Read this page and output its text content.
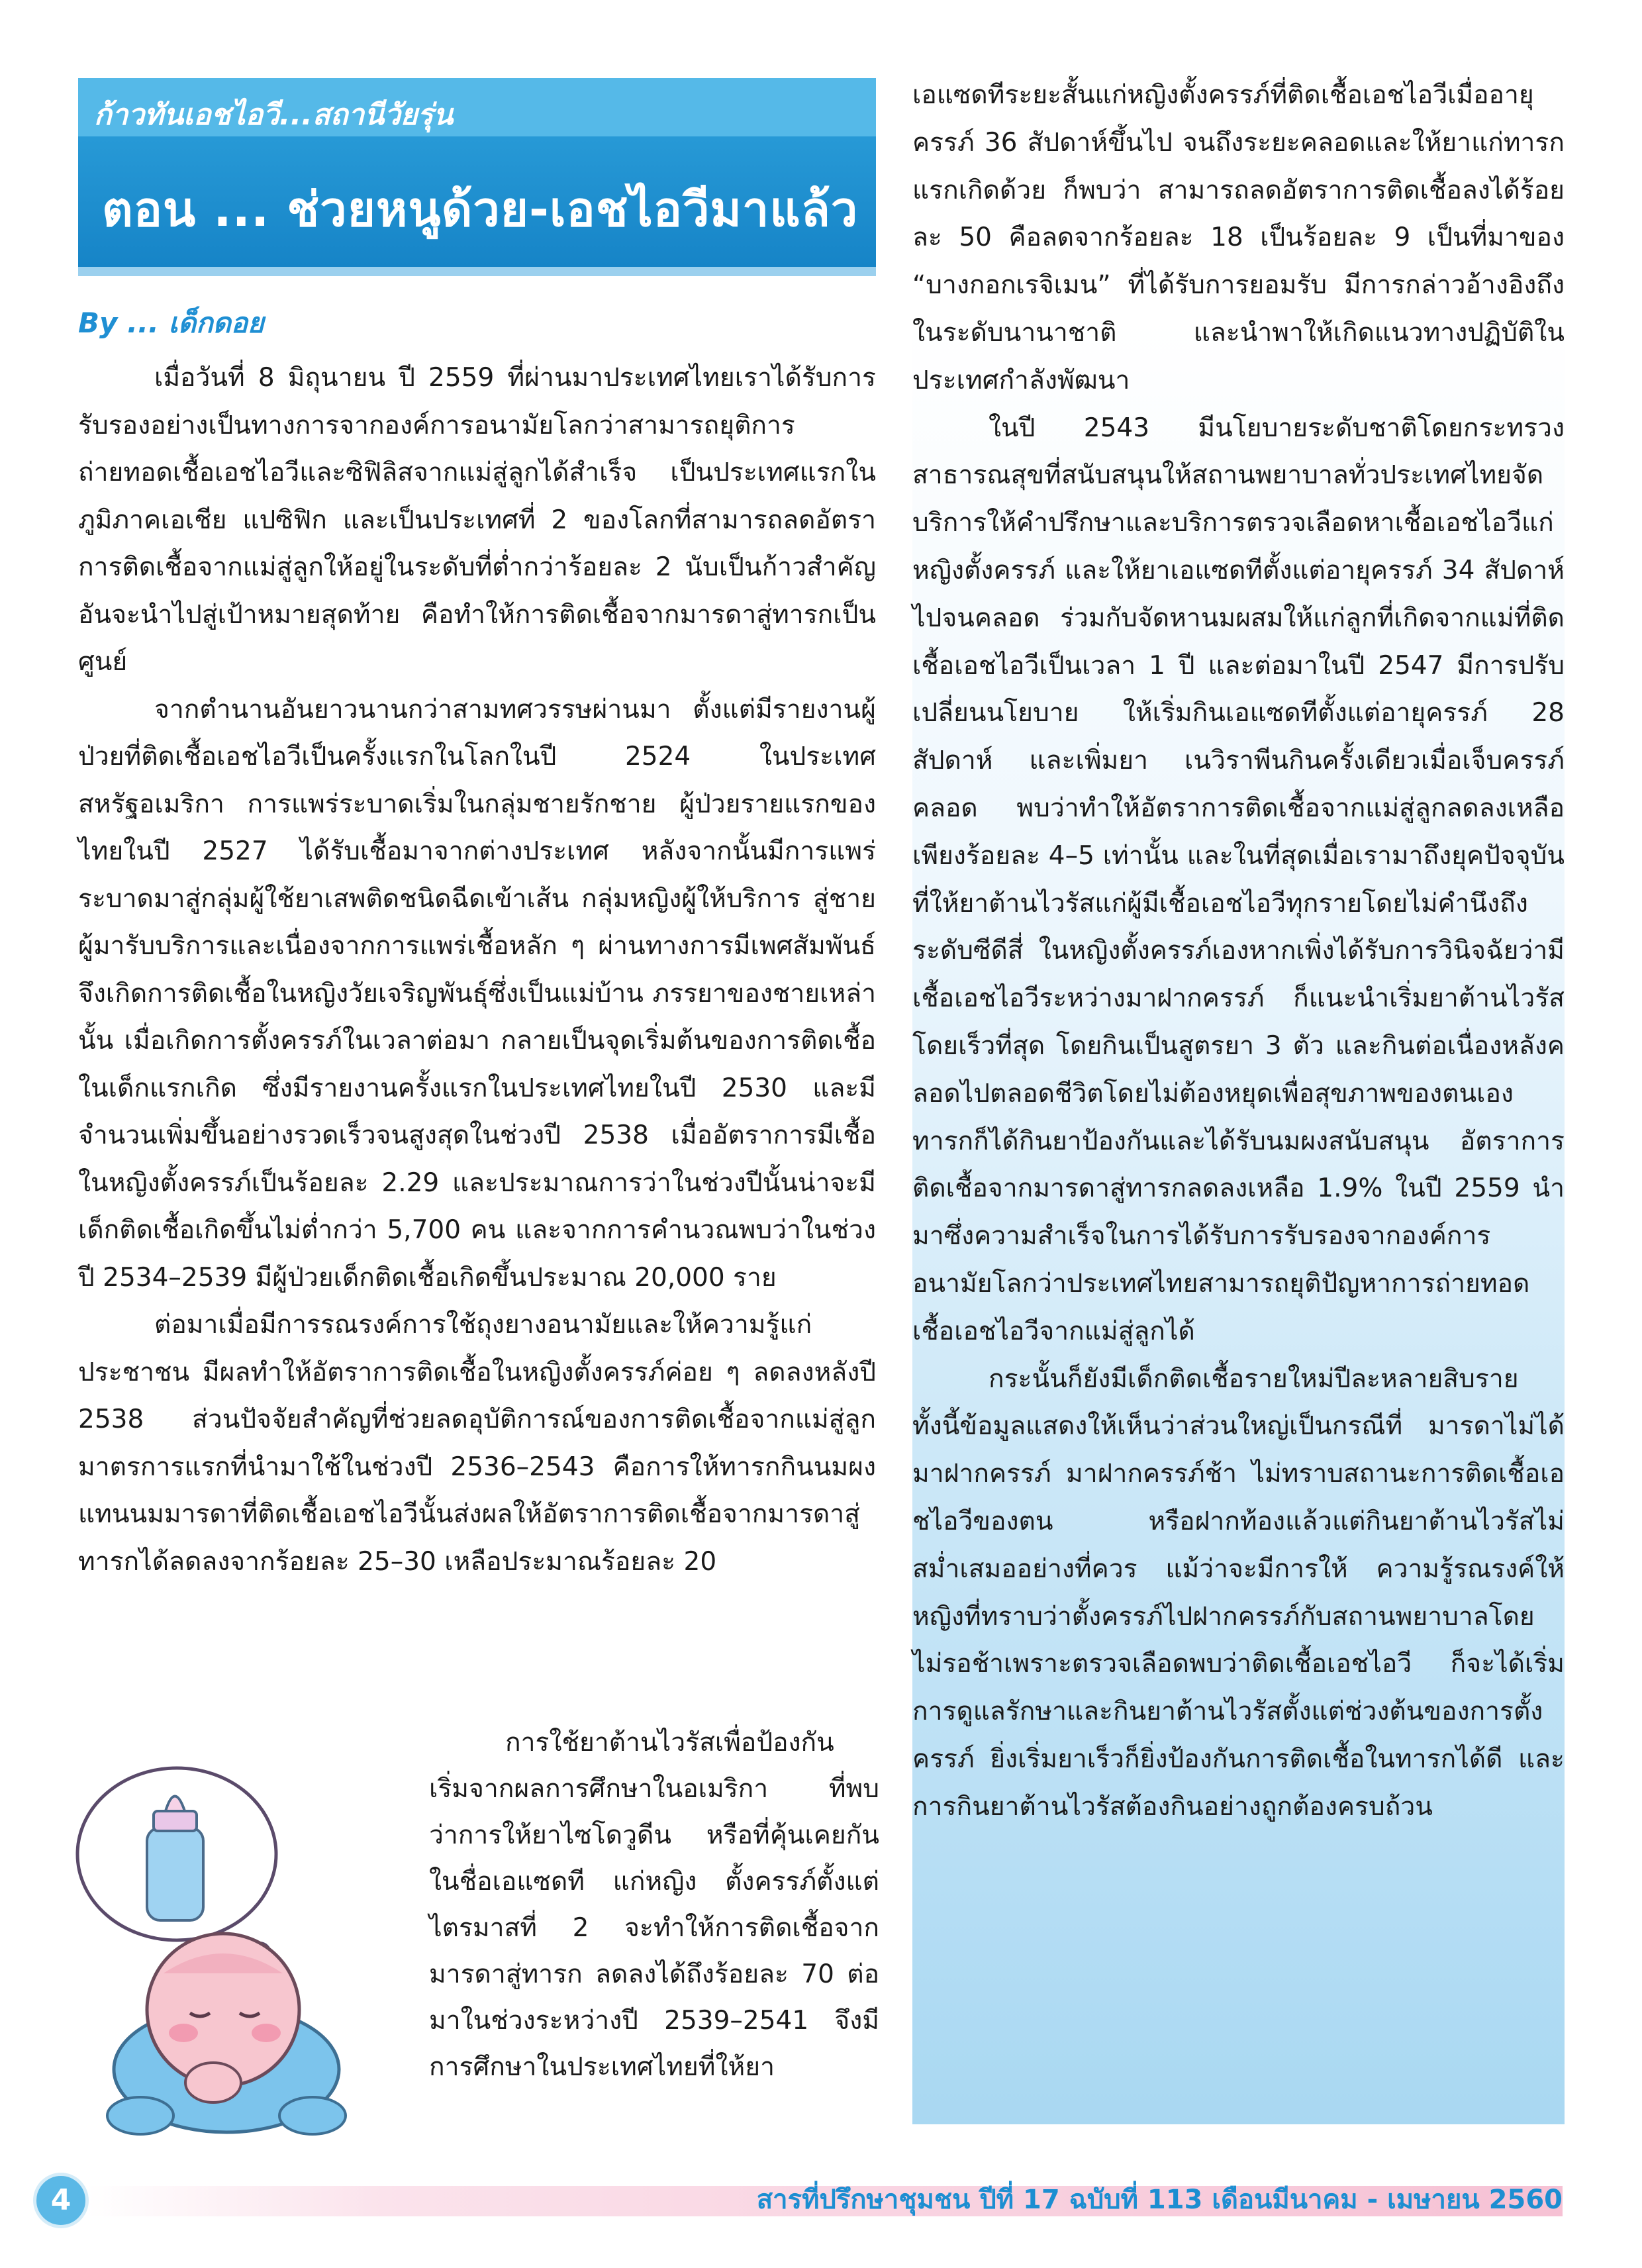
ก้าวทันเอชไอวี...สถานีวัยรุ่น
ตอน ... ช่วยหนูด้วย-เอชไอวีมาแล้ว
By ... เด็กดอย

เมื่อวันที่ 8 มิถุนายน ปี 2559 ที่ผ่านมาประเทศไทยเราได้รับการรับรองอย่างเป็นทางการจากองค์การอนามัยโลกว่าสามารถยุติการถ่ายทอดเชื้อเอชไอวีและซิฟิลิสจากแม่สู่ลูกได้สำเร็จ เป็นประเทศแรกในภูมิภาคเอเชีย แปซิฟิก และเป็นประเทศที่ 2 ของโลกที่สามารถลดอัตราการติดเชื้อจากแม่สู่ลูกให้อยู่ในระดับที่ต่ำกว่าร้อยละ 2 นับเป็นก้าวสำคัญ อันจะนำไปสู่เป้าหมายสุดท้าย คือทำให้การติดเชื้อจากมารดาสู่ทารกเป็นศูนย์

จากตำนานอันยาวนานกว่าสามทศวรรษผ่านมา ตั้งแต่มีรายงานผู้ป่วยที่ติดเชื้อเอชไอวีเป็นครั้งแรกในโลกในปี 2524 ในประเทศสหรัฐอเมริกา การแพร่ระบาดเริ่มในกลุ่มชายรักชาย ผู้ป่วยรายแรกของไทยในปี 2527 ได้รับเชื้อมาจากต่างประเทศ หลังจากนั้นมีการแพร่ระบาดมาสู่กลุ่มผู้ใช้ยาเสพติดชนิดฉีดเข้าเส้น กลุ่มหญิงผู้ให้บริการ สู่ชายผู้มารับบริการและเนื่องจากการแพร่เชื้อหลัก ๆ ผ่านทางการมีเพศสัมพันธ์ จึงเกิดการติดเชื้อในหญิงวัยเจริญพันธุ์ซึ่งเป็นแม่บ้าน ภรรยาของชายเหล่านั้น เมื่อเกิดการตั้งครรภ์ในเวลาต่อมา กลายเป็นจุดเริ่มต้นของการติดเชื้อในเด็กแรกเกิด ซึ่งมีรายงานครั้งแรกในประเทศไทยในปี 2530 และมีจำนวนเพิ่มขึ้นอย่างรวดเร็วจนสูงสุดในช่วงปี 2538 เมื่ออัตราการมีเชื้อในหญิงตั้งครรภ์เป็นร้อยละ 2.29 และประมาณการว่าในช่วงปีนั้นน่าจะมีเด็กติดเชื้อเกิดขึ้นไม่ต่ำกว่า 5,700 คน และจากการคำนวณพบว่าในช่วงปี 2534–2539 มีผู้ป่วยเด็กติดเชื้อเกิดขึ้นประมาณ 20,000 ราย

ต่อมาเมื่อมีการรณรงค์การใช้ถุงยางอนามัยและให้ความรู้แก่ประชาชน มีผลทำให้อัตราการติดเชื้อในหญิงตั้งครรภ์ค่อย ๆ ลดลงหลังปี 2538 ส่วนปัจจัยสำคัญที่ช่วยลดอุบัติการณ์ของการติดเชื้อจากแม่สู่ลูก มาตรการแรกที่นำมาใช้ในช่วงปี 2536–2543 คือการให้ทารกกินนมผงแทนนมมารดาที่ติดเชื้อเอชไอวีนั้นส่งผลให้อัตราการติดเชื้อจากมารดาสู่ทารกได้ลดลงจากร้อยละ 25–30 เหลือประมาณร้อยละ 20

การใช้ยาต้านไวรัสเพื่อป้องกัน เริ่มจากผลการศึกษาในอเมริกา ที่พบว่าการให้ยาไซโดวูดีน หรือที่คุ้นเคยกันในชื่อเอแซดที แก่หญิง ตั้งครรภ์ตั้งแต่ไตรมาสที่ 2 จะทำให้การติดเชื้อจากมารดาสู่ทารก ลดลงได้ถึงร้อยละ 70 ต่อมาในช่วงระหว่างปี 2539–2541 จึงมีการศึกษาในประเทศไทยที่ให้ยา

เอแซดทีระยะสั้นแก่หญิงตั้งครรภ์ที่ติดเชื้อเอชไอวีเมื่ออายุครรภ์ 36 สัปดาห์ขึ้นไป จนถึงระยะคลอดและให้ยาแก่ทารกแรกเกิดด้วย ก็พบว่า สามารถลดอัตราการติดเชื้อลงได้ร้อยละ 50 คือลดจากร้อยละ 18 เป็นร้อยละ 9 เป็นที่มาของ “บางกอกเรจิเมน” ที่ได้รับการยอมรับ มีการกล่าวอ้างอิงถึงในระดับนานาชาติ และนำพาให้เกิดแนวทางปฏิบัติในประเทศกำลังพัฒนา

ในปี 2543 มีนโยบายระดับชาติโดยกระทรวงสาธารณสุขที่สนับสนุนให้สถานพยาบาลทั่วประเทศไทยจัดบริการให้คำปรึกษาและบริการตรวจเลือดหาเชื้อเอชไอวีแก่หญิงตั้งครรภ์ และให้ยาเอแซดทีตั้งแต่อายุครรภ์ 34 สัปดาห์ไปจนคลอด ร่วมกับจัดหานมผสมให้แก่ลูกที่เกิดจากแม่ที่ติดเชื้อเอชไอวีเป็นเวลา 1 ปี และต่อมาในปี 2547 มีการปรับเปลี่ยนนโยบาย ให้เริ่มกินเอแซดทีตั้งแต่อายุครรภ์ 28 สัปดาห์ และเพิ่มยา เนวิราพีนกินครั้งเดียวเมื่อเจ็บครรภ์คลอด พบว่าทำให้อัตราการติดเชื้อจากแม่สู่ลูกลดลงเหลือเพียงร้อยละ 4–5 เท่านั้น และในที่สุดเมื่อเรามาถึงยุคปัจจุบันที่ให้ยาต้านไวรัสแก่ผู้มีเชื้อเอชไอวีทุกรายโดยไม่คำนึงถึงระดับซีดีสี่ ในหญิงตั้งครรภ์เองหากเพิ่งได้รับการวินิจฉัยว่ามีเชื้อเอชไอวีระหว่างมาฝากครรภ์ ก็แนะนำเริ่มยาต้านไวรัสโดยเร็วที่สุด โดยกินเป็นสูตรยา 3 ตัว และกินต่อเนื่องหลังคลอดไปตลอดชีวิตโดยไม่ต้องหยุดเพื่อสุขภาพของตนเอง ทารกก็ได้กินยาป้องกันและได้รับนมผงสนับสนุน อัตราการติดเชื้อจากมารดาสู่ทารกลดลงเหลือ 1.9% ในปี 2559 นำมาซึ่งความสำเร็จในการได้รับการรับรองจากองค์การอนามัยโลกว่าประเทศไทยสามารถยุติปัญหาการถ่ายทอดเชื้อเอชไอวีจากแม่สู่ลูกได้

กระนั้นก็ยังมีเด็กติดเชื้อรายใหม่ปีละหลายสิบรายทั้งนี้ข้อมูลแสดงให้เห็นว่าส่วนใหญ่เป็นกรณีที่ มารดาไม่ได้มาฝากครรภ์ มาฝากครรภ์ช้า ไม่ทราบสถานะการติดเชื้อเอชไอวีของตน หรือฝากท้องแล้วแต่กินยาต้านไวรัสไม่สม่ำเสมออย่างที่ควร แม้ว่าจะมีการให้ ความรู้รณรงค์ให้หญิงที่ทราบว่าตั้งครรภ์ไปฝากครรภ์กับสถานพยาบาลโดยไม่รอช้าเพราะตรวจเลือดพบว่าติดเชื้อเอชไอวี ก็จะได้เริ่มการดูแลรักษาและกินยาต้านไวรัสตั้งแต่ช่วงต้นของการตั้งครรภ์ ยิ่งเริ่มยาเร็วก็ยิ่งป้องกันการติดเชื้อในทารกได้ดี และการกินยาต้านไวรัสต้องกินอย่างถูกต้องครบถ้วน

4	สารที่ปรึกษาชุมชน ปีที่ 17 ฉบับที่ 113 เดือนมีนาคม - เมษายน 2560
